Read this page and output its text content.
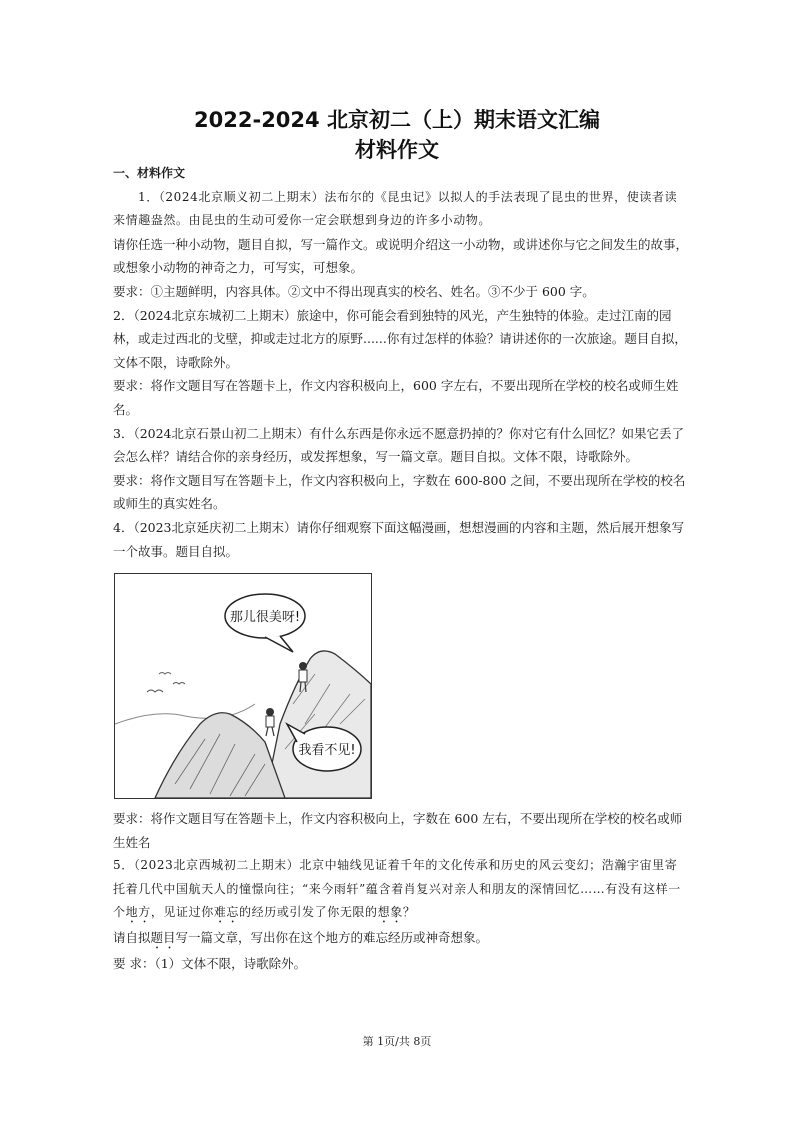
2022-2024 北京初二（上）期末语文汇编
材料作文

一、材料作文

1．（2024北京顺义初二上期末）法布尔的《昆虫记》以拟人的手法表现了昆虫的世界，使读者读来情趣盎然。由昆虫的生动可爱你一定会联想到身边的许多小动物。

请你任选一种小动物，题目自拟，写一篇作文。或说明介绍这一小动物，或讲述你与它之间发生的故事，或想象小动物的神奇之力，可写实，可想象。

要求：①主题鲜明，内容具体。②文中不得出现真实的校名、姓名。③不少于 600 字。

2．（2024北京东城初二上期末）旅途中，你可能会看到独特的风光，产生独特的体验。走过江南的园林，或走过西北的戈壁，抑或走过北方的原野......你有过怎样的体验？请讲述你的一次旅途。题目自拟，文体不限，诗歌除外。

要求：将作文题目写在答题卡上，作文内容积极向上，600 字左右，不要出现所在学校的校名或师生姓名。

3．（2024北京石景山初二上期末）有什么东西是你永远不愿意扔掉的？你对它有什么回忆？如果它丢了会怎么样？请结合你的亲身经历，或发挥想象，写一篇文章。题目自拟。文体不限，诗歌除外。

要求：将作文题目写在答题卡上，作文内容积极向上，字数在 600-800 之间，不要出现所在学校的校名或师生的真实姓名。

4．（2023北京延庆初二上期末）请你仔细观察下面这幅漫画，想想漫画的内容和主题，然后展开想象写一个故事。题目自拟。

那儿很美呀!
我看不见!

要求：将作文题目写在答题卡上，作文内容积极向上，字数在 600 左右，不要出现所在学校的校名或师生姓名

5．（2023北京西城初二上期末）北京中轴线见证着千年的文化传承和历史的风云变幻；浩瀚宇宙里寄托着几代中国航天人的憧憬向往；“来今雨轩”蕴含着肖复兴对亲人和朋友的深情回忆……有没有这样一个地方，见证过你难忘的经历或引发了你无限的想象？

请自拟题目写一篇文章，写出你在这个地方的难忘经历或神奇想象。

要 求：（1）文体不限，诗歌除外。

第 1页/共 8页
